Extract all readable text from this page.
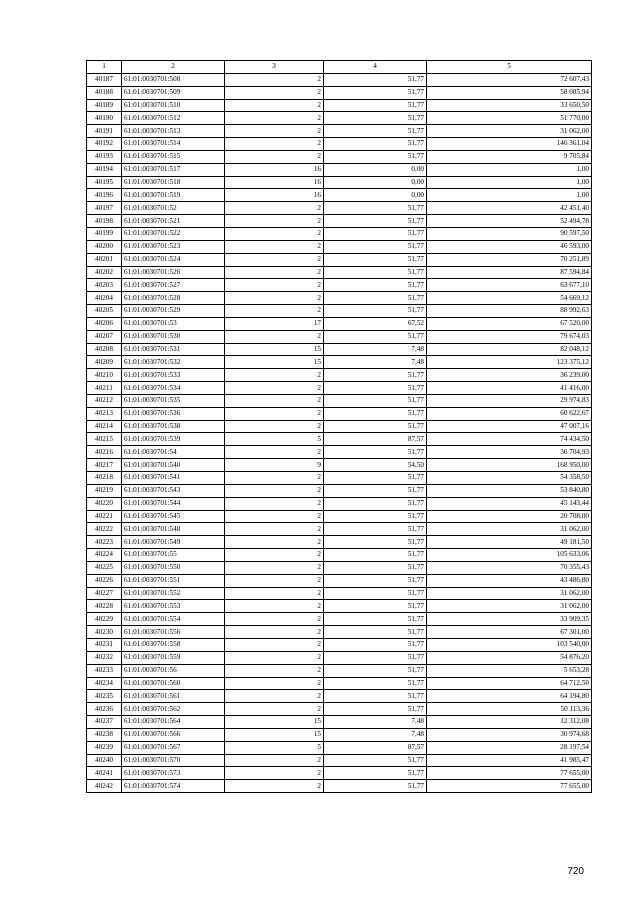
1	2	3	4	5
40187	61:01:0030701:508	2	51,77	72 607,43
40188	61:01:0030701:509	2	51,77	58 085,94
40189	61:01:0030701:510	2	51,77	33 650,50
40190	61:01:0030701:512	2	51,77	51 770,00
40191	61:01:0030701:513	2	51,77	31 062,00
40192	61:01:0030701:514	2	51,77	146 361,04
40193	61:01:0030701:515	2	51,77	9 705,84
40194	61:01:0030701:517	16	0,00	1,00
40195	61:01:0030701:518	16	0,00	1,00
40196	61:01:0030701:519	16	0,00	1,00
40197	61:01:0030701:52	2	51,77	42 451,40
40198	61:01:0030701:521	2	51,77	52 494,78
40199	61:01:0030701:522	2	51,77	90 597,50
40200	61:01:0030701:523	2	51,77	46 593,00
40201	61:01:0030701:524	2	51,77	70 251,89
40202	61:01:0030701:526	2	51,77	87 594,84
40203	61:01:0030701:527	2	51,77	63 677,10
40204	61:01:0030701:528	2	51,77	54 669,12
40205	61:01:0030701:529	2	51,77	88 992,63
40206	61:01:0030701:53	17	67,52	67 520,00
40207	61:01:0030701:530	2	51,77	79 674,03
40208	61:01:0030701:531	15	7,48	82 048,12
40209	61:01:0030701:532	15	7,48	123 375,12
40210	61:01:0030701:533	2	51,77	36 239,00
40211	61:01:0030701:534	2	51,77	41 416,00
40212	61:01:0030701:535	2	51,77	29 974,83
40213	61:01:0030701:536	2	51,77	60 622,67
40214	61:01:0030701:538	2	51,77	47 007,16
40215	61:01:0030701:539	5	87,57	74 434,50
40216	61:01:0030701:54	2	51,77	36 704,93
40217	61:01:0030701:540	9	54,50	168 950,00
40218	61:01:0030701:541	2	51,77	54 358,50
40219	61:01:0030701:543	2	51,77	53 840,80
40220	61:01:0030701:544	2	51,77	45 143,44
40221	61:01:0030701:545	2	51,77	20 708,00
40222	61:01:0030701:548	2	51,77	31 062,00
40223	61:01:0030701:549	2	51,77	49 181,50
40224	61:01:0030701:55	2	51,77	105 633,06
40225	61:01:0030701:550	2	51,77	70 355,43
40226	61:01:0030701:551	2	51,77	43 486,80
40227	61:01:0030701:552	2	51,77	31 062,00
40228	61:01:0030701:553	2	51,77	31 062,00
40229	61:01:0030701:554	2	51,77	33 909,35
40230	61:01:0030701:556	2	51,77	67 301,00
40231	61:01:0030701:558	2	51,77	103 540,00
40232	61:01:0030701:559	2	51,77	54 876,20
40233	61:01:0030701:56	2	51,77	5 653,28
40234	61:01:0030701:560	2	51,77	64 712,50
40235	61:01:0030701:561	2	51,77	64 194,80
40236	61:01:0030701:562	2	51,77	50 113,36
40237	61:01:0030701:564	15	7,48	12 312,08
40238	61:01:0030701:566	15	7,48	30 974,68
40239	61:01:0030701:567	5	87,57	28 197,54
40240	61:01:0030701:570	2	51,77	41 985,47
40241	61:01:0030701:573	2	51,77	77 655,00
40242	61:01:0030701:574	2	51,77	77 655,00
720
